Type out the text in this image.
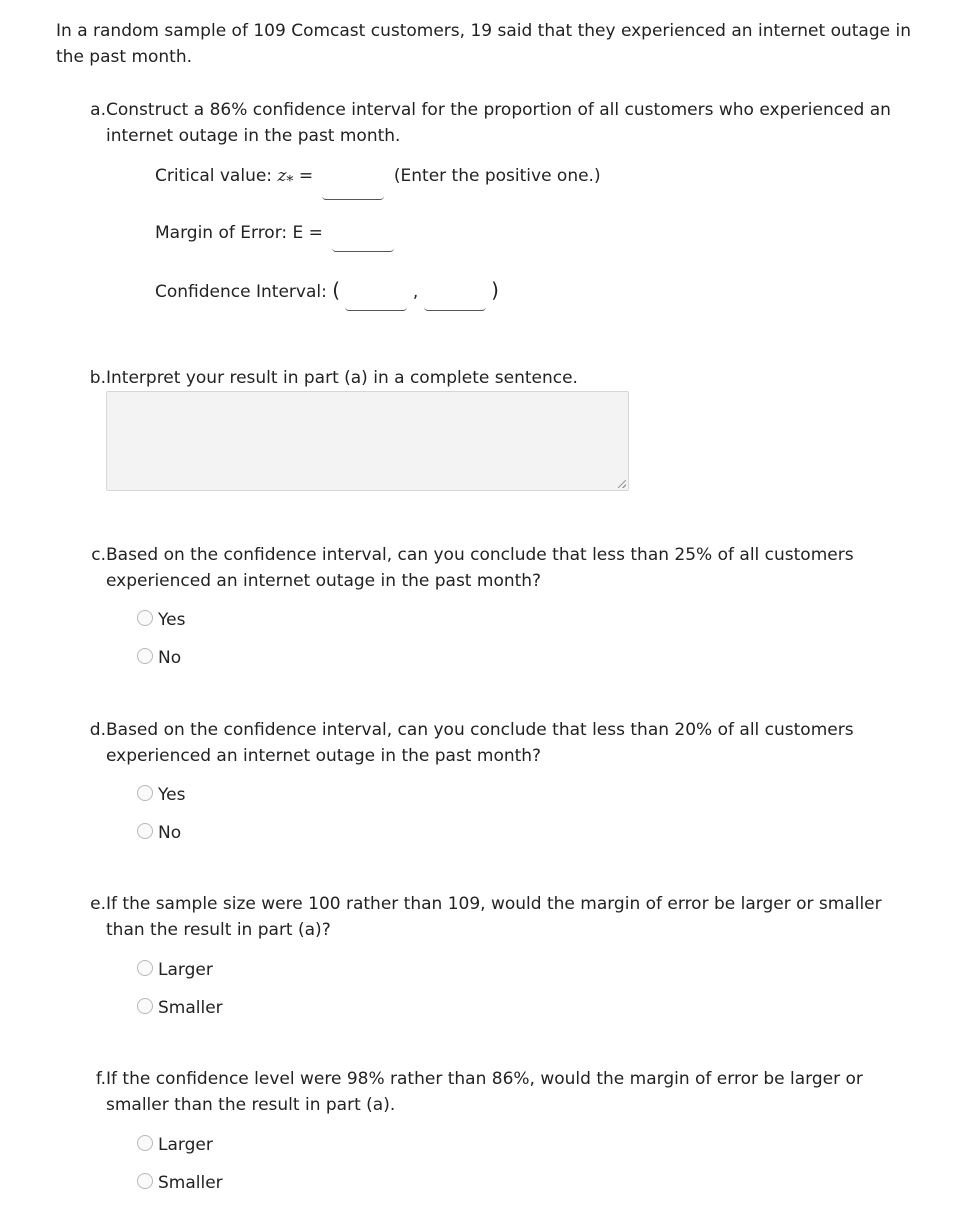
In a random sample of 109 Comcast customers, 19 said that they experienced an internet outage in the past month.
a. Construct a 86% confidence interval for the proportion of all customers who experienced an internet outage in the past month.
Critical value: $z_*$ =	(Enter the positive one.)
Margin of Error: E =
Confidence Interval: (	,	)
b. Interpret your result in part (a) in a complete sentence.
c. Based on the confidence interval, can you conclude that less than 25% of all customers experienced an internet outage in the past month?
Yes
No
d. Based on the confidence interval, can you conclude that less than 20% of all customers experienced an internet outage in the past month?
Yes
No
e. If the sample size were 100 rather than 109, would the margin of error be larger or smaller than the result in part (a)?
Larger
Smaller
f. If the confidence level were 98% rather than 86%, would the margin of error be larger or smaller than the result in part (a).
Larger
Smaller
